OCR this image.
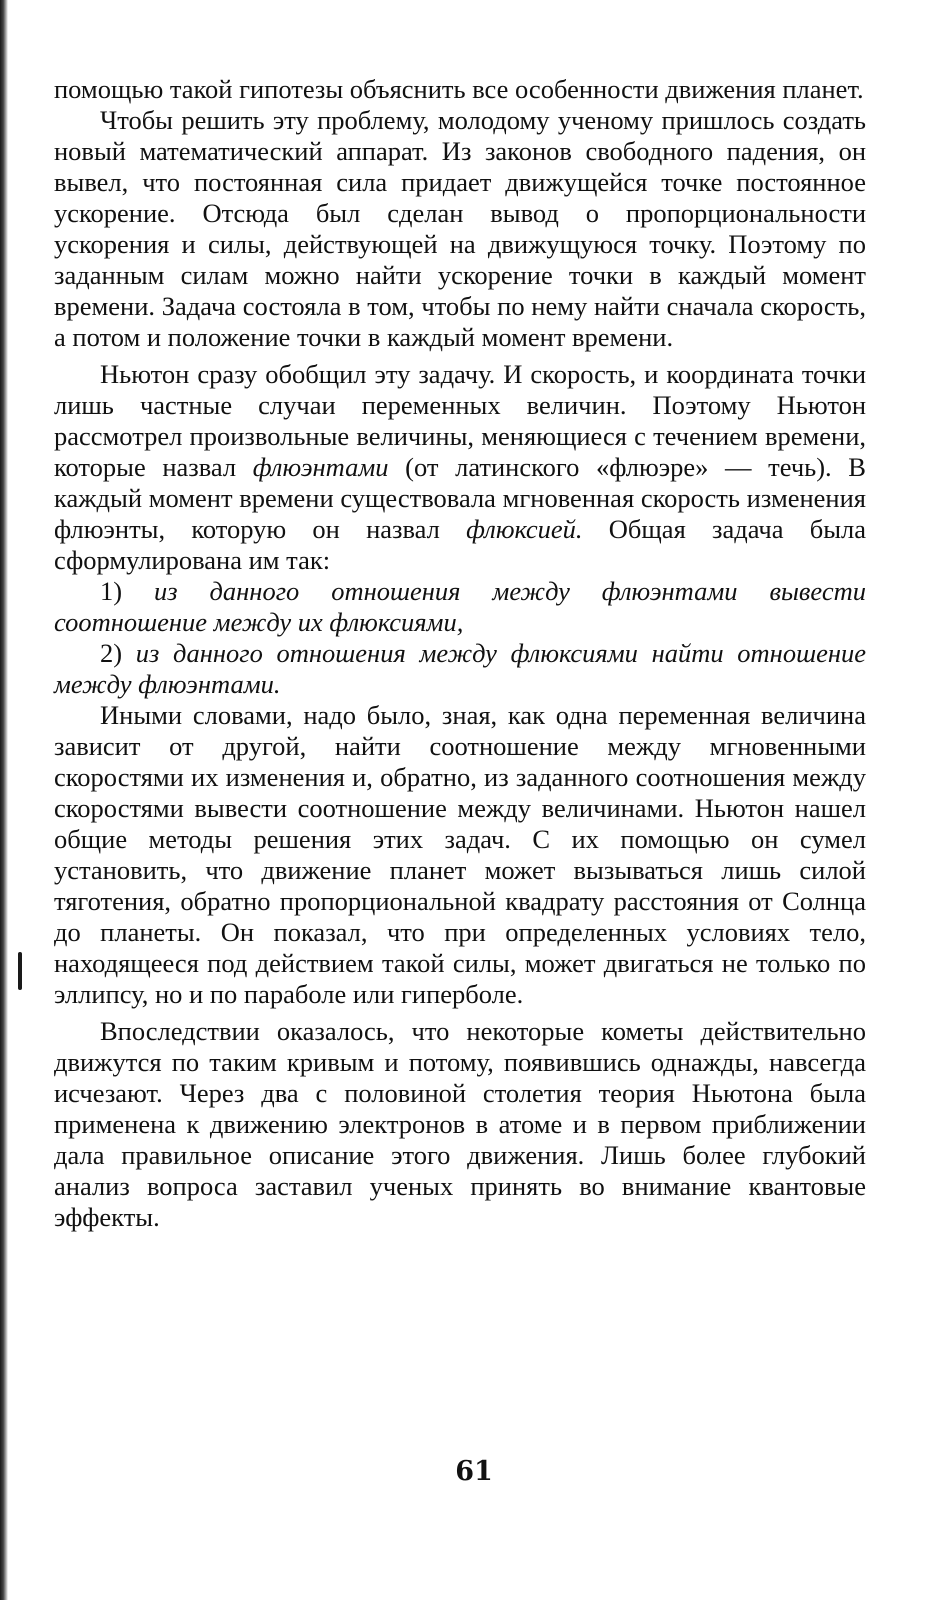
помощью такой гипотезы объяснить все особенности движения планет.

Чтобы решить эту проблему, молодому ученому пришлось создать новый математический аппарат. Из законов свободного падения, он вывел, что постоянная сила придает движущейся точке постоянное ускорение. Отсюда был сделан вывод о пропорциональности ускорения и силы, действующей на движущуюся точку. Поэтому по заданным силам можно найти ускорение точки в каждый момент времени. Задача состояла в том, чтобы по нему найти сначала скорость, а потом и положение точки в каждый момент времени.

Ньютон сразу обобщил эту задачу. И скорость, и координата точки лишь частные случаи переменных величин. Поэтому Ньютон рассмотрел произвольные величины, меняющиеся с течением времени, которые назвал флюэнтами (от латинского «флюэре» — течь). В каждый момент времени существовала мгновенная скорость изменения флюэнты, которую он назвал флюксией. Общая задача была сформулирована им так:

1) из данного отношения между флюэнтами вывести соотношение между их флюксиями,

2) из данного отношения между флюксиями найти отношение между флюэнтами.

Иными словами, надо было, зная, как одна переменная величина зависит от другой, найти соотношение между мгновенными скоростями их изменения и, обратно, из заданного соотношения между скоростями вывести соотношение между величинами. Ньютон нашел общие методы решения этих задач. С их помощью он сумел установить, что движение планет может вызываться лишь силой тяготения, обратно пропорциональной квадрату расстояния от Солнца до планеты. Он показал, что при определенных условиях тело, находящееся под действием такой силы, может двигаться не только по эллипсу, но и по параболе или гиперболе.

Впоследствии оказалось, что некоторые кометы действительно движутся по таким кривым и потому, появившись однажды, навсегда исчезают. Через два с половиной столетия теория Ньютона была применена к движению электронов в атоме и в первом приближении дала правильное описание этого движения. Лишь более глубокий анализ вопроса заставил ученых принять во внимание квантовые эффекты.

61
